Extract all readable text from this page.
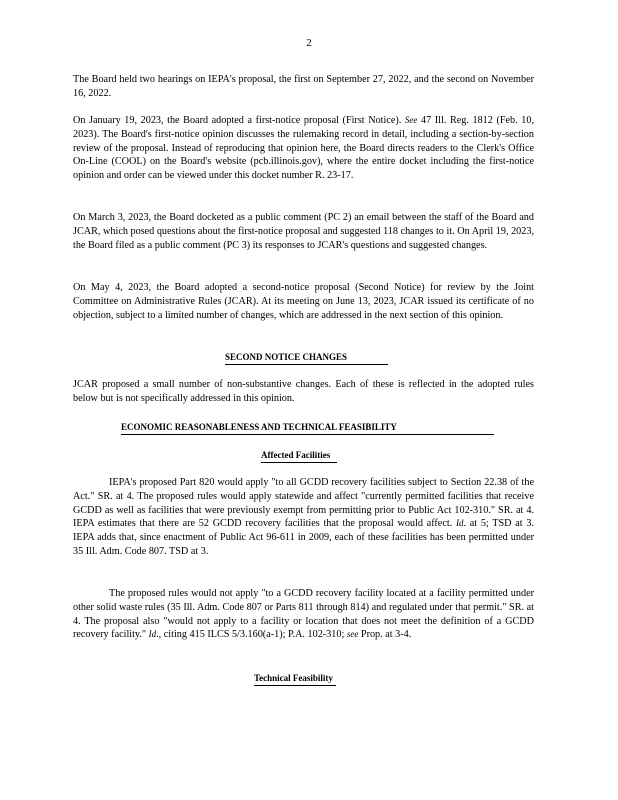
2

The Board held two hearings on IEPA's proposal, the first on September 27, 2022, and the second on November 16, 2022.

On January 19, 2023, the Board adopted a first-notice proposal (First Notice). See 47 Ill. Reg. 1812 (Feb. 10, 2023). The Board's first-notice opinion discusses the rulemaking record in detail, including a section-by-section review of the proposal. Instead of reproducing that opinion here, the Board directs readers to the Clerk's Office On-Line (COOL) on the Board's website (pcb.illinois.gov), where the entire docket including the first-notice opinion and order can be viewed under this docket number R. 23-17.

On March 3, 2023, the Board docketed as a public comment (PC 2) an email between the staff of the Board and JCAR, which posed questions about the first-notice proposal and suggested 118 changes to it. On April 19, 2023, the Board filed as a public comment (PC 3) its responses to JCAR's questions and suggested changes.

On May 4, 2023, the Board adopted a second-notice proposal (Second Notice) for review by the Joint Committee on Administrative Rules (JCAR). At its meeting on June 13, 2023, JCAR issued its certificate of no objection, subject to a limited number of changes, which are addressed in the next section of this opinion.

SECOND NOTICE CHANGES

JCAR proposed a small number of non-substantive changes. Each of these is reflected in the adopted rules below but is not specifically addressed in this opinion.

ECONOMIC REASONABLENESS AND TECHNICAL FEASIBILITY
Affected Facilities

IEPA's proposed Part 820 would apply "to all GCDD recovery facilities subject to Section 22.38 of the Act." SR. at 4. The proposed rules would apply statewide and affect "currently permitted facilities that receive GCDD as well as facilities that were previously exempt from permitting prior to Public Act 102-310." SR. at 4. IEPA estimates that there are 52 GCDD recovery facilities that the proposal would affect. Id. at 5; TSD at 3. IEPA adds that, since enactment of Public Act 96-611 in 2009, each of these facilities has been permitted under 35 Ill. Adm. Code 807. TSD at 3.

The proposed rules would not apply "to a GCDD recovery facility located at a facility permitted under other solid waste rules (35 Ill. Adm. Code 807 or Parts 811 through 814) and regulated under that permit." SR. at 4. The proposal also "would not apply to a facility or location that does not meet the definition of a GCDD recovery facility." Id., citing 415 ILCS 5/3.160(a-1); P.A. 102-310; see Prop. at 3-4.

Technical Feasibility
